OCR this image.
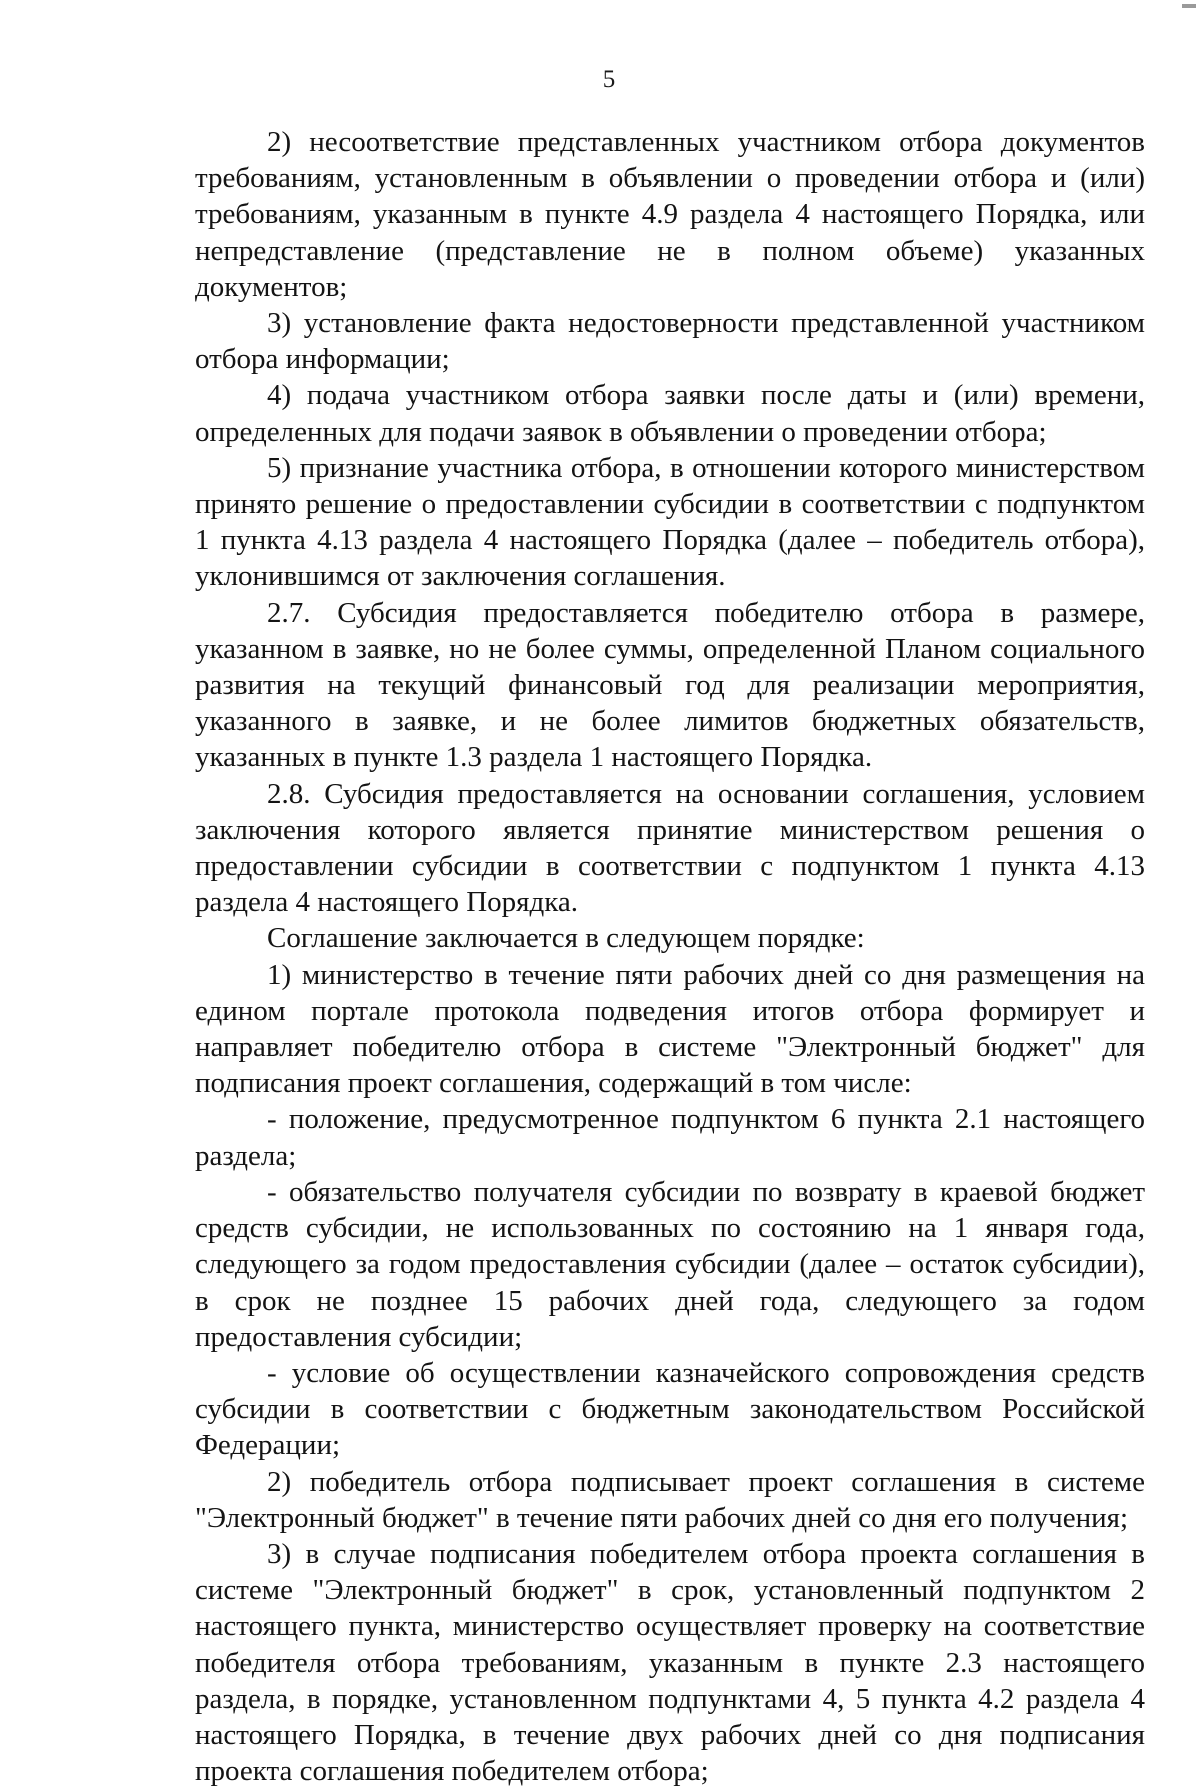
5

2) несоответствие представленных участником отбора документов требованиям, установленным в объявлении о проведении отбора и (или) требованиям, указанным в пункте 4.9 раздела 4 настоящего Порядка, или непредставление (представление не в полном объеме) указанных документов;

3) установление факта недостоверности представленной участником отбора информации;

4) подача участником отбора заявки после даты и (или) времени, определенных для подачи заявок в объявлении о проведении отбора;

5) признание участника отбора, в отношении которого министерством принято решение о предоставлении субсидии в соответствии с подпунктом 1 пункта 4.13 раздела 4 настоящего Порядка (далее – победитель отбора), уклонившимся от заключения соглашения.

2.7. Субсидия предоставляется победителю отбора в размере, указанном в заявке, но не более суммы, определенной Планом социального развития на текущий финансовый год для реализации мероприятия, указанного в заявке, и не более лимитов бюджетных обязательств, указанных в пункте 1.3 раздела 1 настоящего Порядка.

2.8. Субсидия предоставляется на основании соглашения, условием заключения которого является принятие министерством решения о предоставлении субсидии в соответствии с подпунктом 1 пункта 4.13 раздела 4 настоящего Порядка.

Соглашение заключается в следующем порядке:

1) министерство в течение пяти рабочих дней со дня размещения на едином портале протокола подведения итогов отбора формирует и направляет победителю отбора в системе "Электронный бюджет" для подписания проект соглашения, содержащий в том числе:

- положение, предусмотренное подпунктом 6 пункта 2.1 настоящего раздела;

- обязательство получателя субсидии по возврату в краевой бюджет средств субсидии, не использованных по состоянию на 1 января года, следующего за годом предоставления субсидии (далее – остаток субсидии), в срок не позднее 15 рабочих дней года, следующего за годом предоставления субсидии;

- условие об осуществлении казначейского сопровождения средств субсидии в соответствии с бюджетным законодательством Российской Федерации;

2) победитель отбора подписывает проект соглашения в системе "Электронный бюджет" в течение пяти рабочих дней со дня его получения;

3) в случае подписания победителем отбора проекта соглашения в системе "Электронный бюджет" в срок, установленный подпунктом 2 настоящего пункта, министерство осуществляет проверку на соответствие победителя отбора требованиям, указанным в пункте 2.3 настоящего раздела, в порядке, установленном подпунктами 4, 5 пункта 4.2 раздела 4 настоящего Порядка, в течение двух рабочих дней со дня подписания проекта соглашения победителем отбора;
